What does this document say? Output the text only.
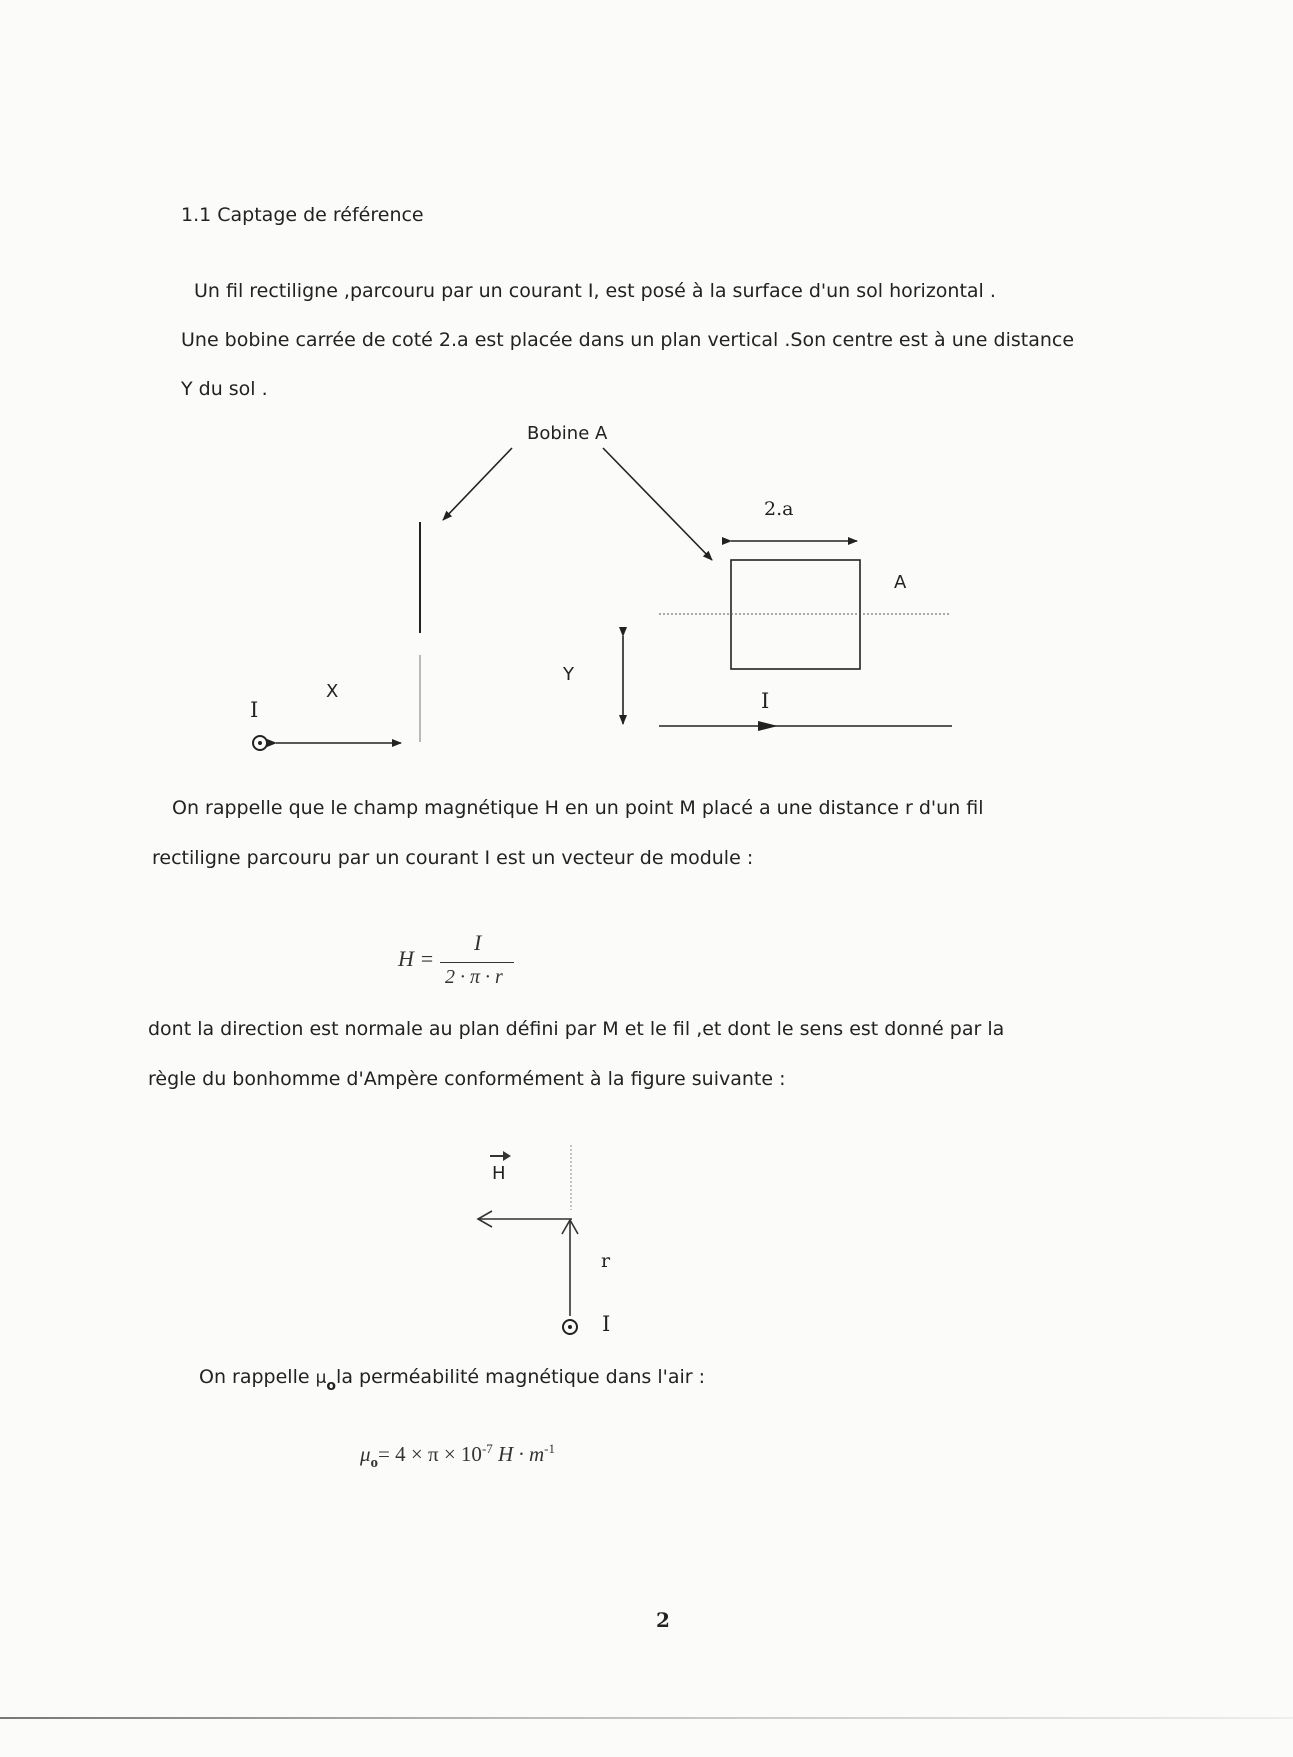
1.1 Captage de référence
Un fil rectiligne ,parcouru par un courant I, est posé à la surface d'un sol horizontal .
Une bobine carrée de coté 2.a est placée dans un plan vertical .Son centre est à une distance
Y du sol .
Bobine A
2.a
A
Y
X
I	I
On rappelle que le champ magnétique H en un point M placé a une distance r d'un fil
rectiligne parcouru par un courant I est un vecteur de module :
H =
I
2 · π · r
dont la direction est normale au plan défini par M et le fil ,et dont le sens est donné par la
règle du bonhomme d'Ampère conformément à la figure suivante :
H
r
I
On rappelle $\mu_ola$ perméabilité magnétique dans l'air :
$\mu_o= 4 \times \pi \times 10^{-7}$ $H \cdot m^{-1}$
2
